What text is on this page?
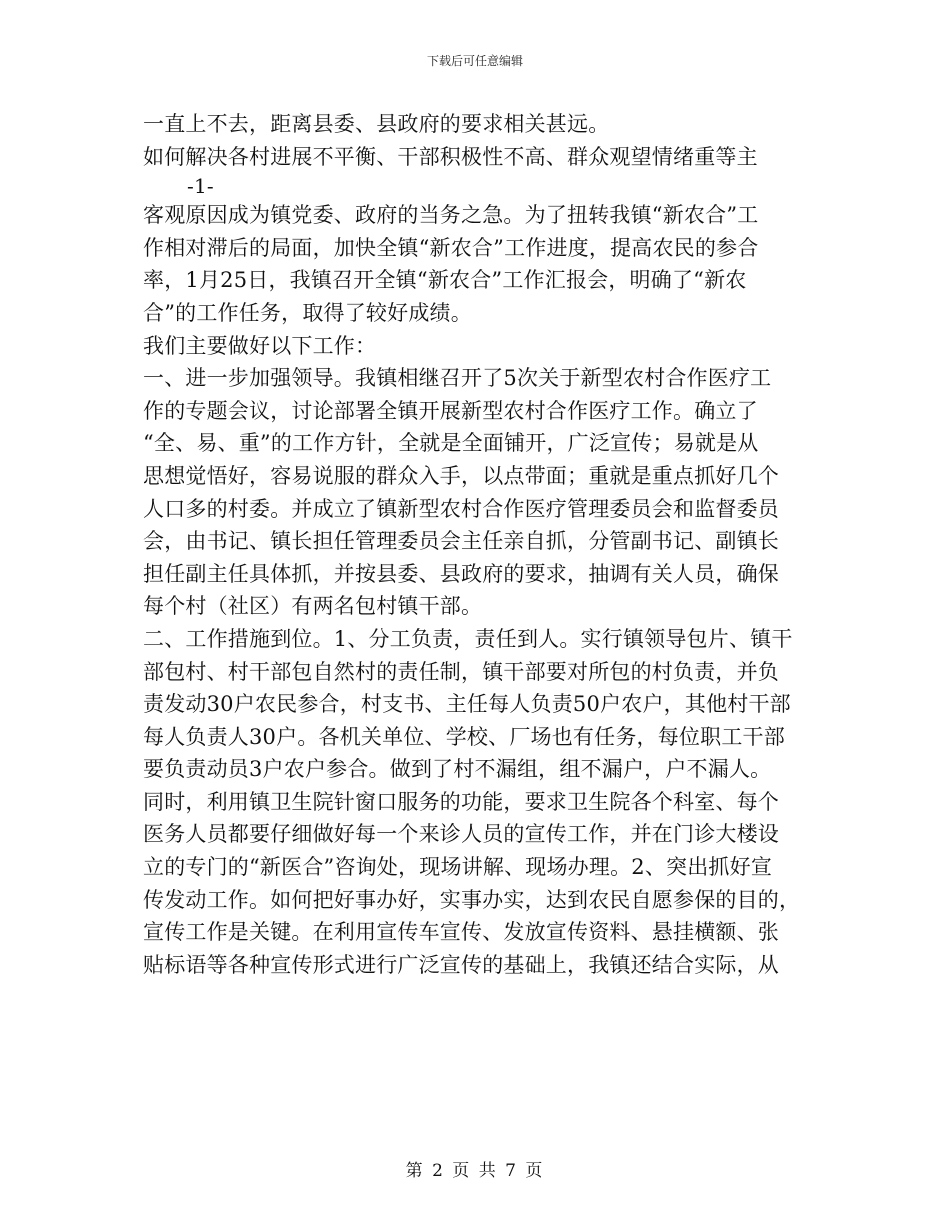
下载后可任意编辑
一直上不去，距离县委、县政府的要求相关甚远。
如何解决各村进展不平衡、干部积极性不高、群众观望情绪重等主
-1-
客观原因成为镇党委、政府的当务之急。为了扭转我镇“新农合”工
作相对滞后的局面，加快全镇“新农合”工作进度，提高农民的参合
率，1月25日，我镇召开全镇“新农合”工作汇报会，明确了“新农
合”的工作任务，取得了较好成绩。
我们主要做好以下工作：
一、进一步加强领导。我镇相继召开了5次关于新型农村合作医疗工
作的专题会议，讨论部署全镇开展新型农村合作医疗工作。确立了
“全、易、重”的工作方针，全就是全面铺开，广泛宣传；易就是从
思想觉悟好，容易说服的群众入手，以点带面；重就是重点抓好几个
人口多的村委。并成立了镇新型农村合作医疗管理委员会和监督委员
会，由书记、镇长担任管理委员会主任亲自抓，分管副书记、副镇长
担任副主任具体抓，并按县委、县政府的要求，抽调有关人员，确保
每个村（社区）有两名包村镇干部。
二、工作措施到位。1、分工负责，责任到人。实行镇领导包片、镇干
部包村、村干部包自然村的责任制，镇干部要对所包的村负责，并负
责发动30户农民参合，村支书、主任每人负责50户农户，其他村干部
每人负责人30户。各机关单位、学校、厂场也有任务，每位职工干部
要负责动员3户农户参合。做到了村不漏组，组不漏户，户不漏人。
同时，利用镇卫生院针窗口服务的功能，要求卫生院各个科室、每个
医务人员都要仔细做好每一个来诊人员的宣传工作，并在门诊大楼设
立的专门的“新医合”咨询处，现场讲解、现场办理。2、突出抓好宣
传发动工作。如何把好事办好，实事办实，达到农民自愿参保的目的，
宣传工作是关键。在利用宣传车宣传、发放宣传资料、悬挂横额、张
贴标语等各种宣传形式进行广泛宣传的基础上，我镇还结合实际，从
第 2 页 共 7 页
